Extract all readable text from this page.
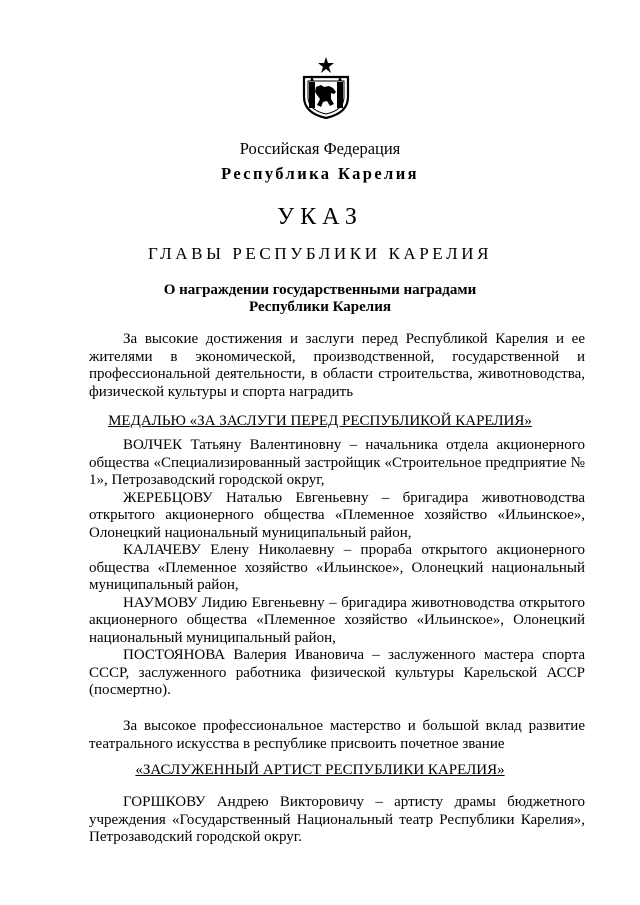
Российская Федерация
Республика Карелия
УКАЗ
ГЛАВЫ РЕСПУБЛИКИ КАРЕЛИЯ
О награждении государственными наградами
Республики Карелия

За высокие достижения и заслуги перед Республикой Карелия и ее жителями в экономической, производственной, государственной и профессиональной деятельности, в области строительства, животноводства, физической культуры и спорта наградить

МЕДАЛЬЮ «ЗА ЗАСЛУГИ ПЕРЕД РЕСПУБЛИКОЙ КАРЕЛИЯ»

ВОЛЧЕК Татьяну Валентиновну – начальника отдела акционерного общества «Специализированный застройщик «Строительное предприятие № 1», Петрозаводский городской округ,

ЖЕРЕБЦОВУ Наталью Евгеньевну – бригадира животноводства открытого акционерного общества «Племенное хозяйство «Ильинское», Олонецкий национальный муниципальный район,

КАЛАЧЕВУ Елену Николаевну – прораба открытого акционерного общества «Племенное хозяйство «Ильинское», Олонецкий национальный муниципальный район,

НАУМОВУ Лидию Евгеньевну – бригадира животноводства открытого акционерного общества «Племенное хозяйство «Ильинское», Олонецкий национальный муниципальный район,

ПОСТОЯНОВА Валерия Ивановича – заслуженного мастера спорта СССР, заслуженного работника физической культуры Карельской АССР (посмертно).

За высокое профессиональное мастерство и большой вклад развитие театрального искусства в республике присвоить почетное звание

«ЗАСЛУЖЕННЫЙ АРТИСТ РЕСПУБЛИКИ КАРЕЛИЯ»

ГОРШКОВУ Андрею Викторовичу – артисту драмы бюджетного учреждения «Государственный Национальный театр Республики Карелия», Петрозаводский городской округ.
